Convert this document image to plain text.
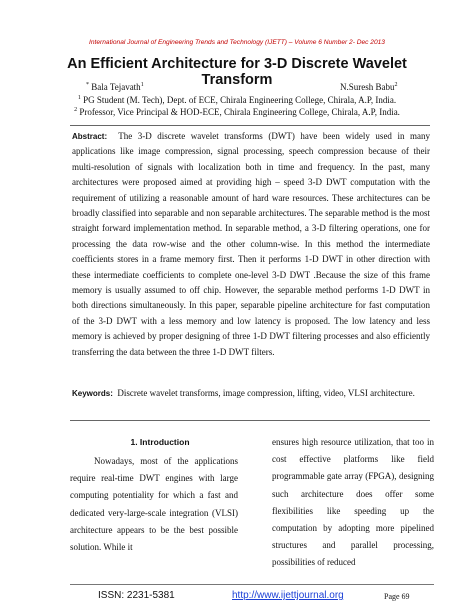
International Journal of Engineering Trends and Technology (IJETT) – Volume 6 Number 2- Dec 2013
An Efficient Architecture for 3-D Discrete Wavelet Transform
* Bala Tejavath$^1$	N.Suresh Babu$^2$
$^1$ PG Student (M. Tech), Dept. of ECE, Chirala Engineering College, Chirala, A.P, India.
$^2$ Professor, Vice Principal & HOD-ECE, Chirala Engineering College, Chirala, A.P, India.
Abstract: The 3-D discrete wavelet transforms (DWT) have been widely used in many applications like image compression, signal processing, speech compression because of their multi-resolution of signals with localization both in time and frequency. In the past, many architectures were proposed aimed at providing high – speed 3-D DWT computation with the requirement of utilizing a reasonable amount of hard ware resources. These architectures can be broadly classified into separable and non separable architectures. The separable method is the most straight forward implementation method. In separable method, a 3-D filtering operations, one for processing the data row-wise and the other column-wise. In this method the intermediate coefficients stores in a frame memory first. Then it performs 1-D DWT in other direction with these intermediate coefficients to complete one-level 3-D DWT .Because the size of this frame memory is usually assumed to off chip. However, the separable method performs 1-D DWT in both directions simultaneously. In this paper, separable pipeline architecture for fast computation of the 3-D DWT with a less memory and low latency is proposed. The low latency and less memory is achieved by proper designing of three 1-D DWT filtering processes and also efficiently transferring the data between the three 1-D DWT filters.
Keywords: Discrete wavelet transforms, image compression, lifting, video, VLSI architecture.
1. Introduction
Nowadays, most of the applications require real-time DWT engines with large computing potentiality for which a fast and dedicated very-large-scale integration (VLSI) architecture appears to be the best possible solution. While it
ensures high resource utilization, that too in cost effective platforms like field programmable gate array (FPGA), designing such architecture does offer some flexibilities like speeding up the computation by adopting more pipelined structures and parallel processing, possibilities of reduced
ISSN: 2231-5381	http://www.ijettjournal.org	Page 69
